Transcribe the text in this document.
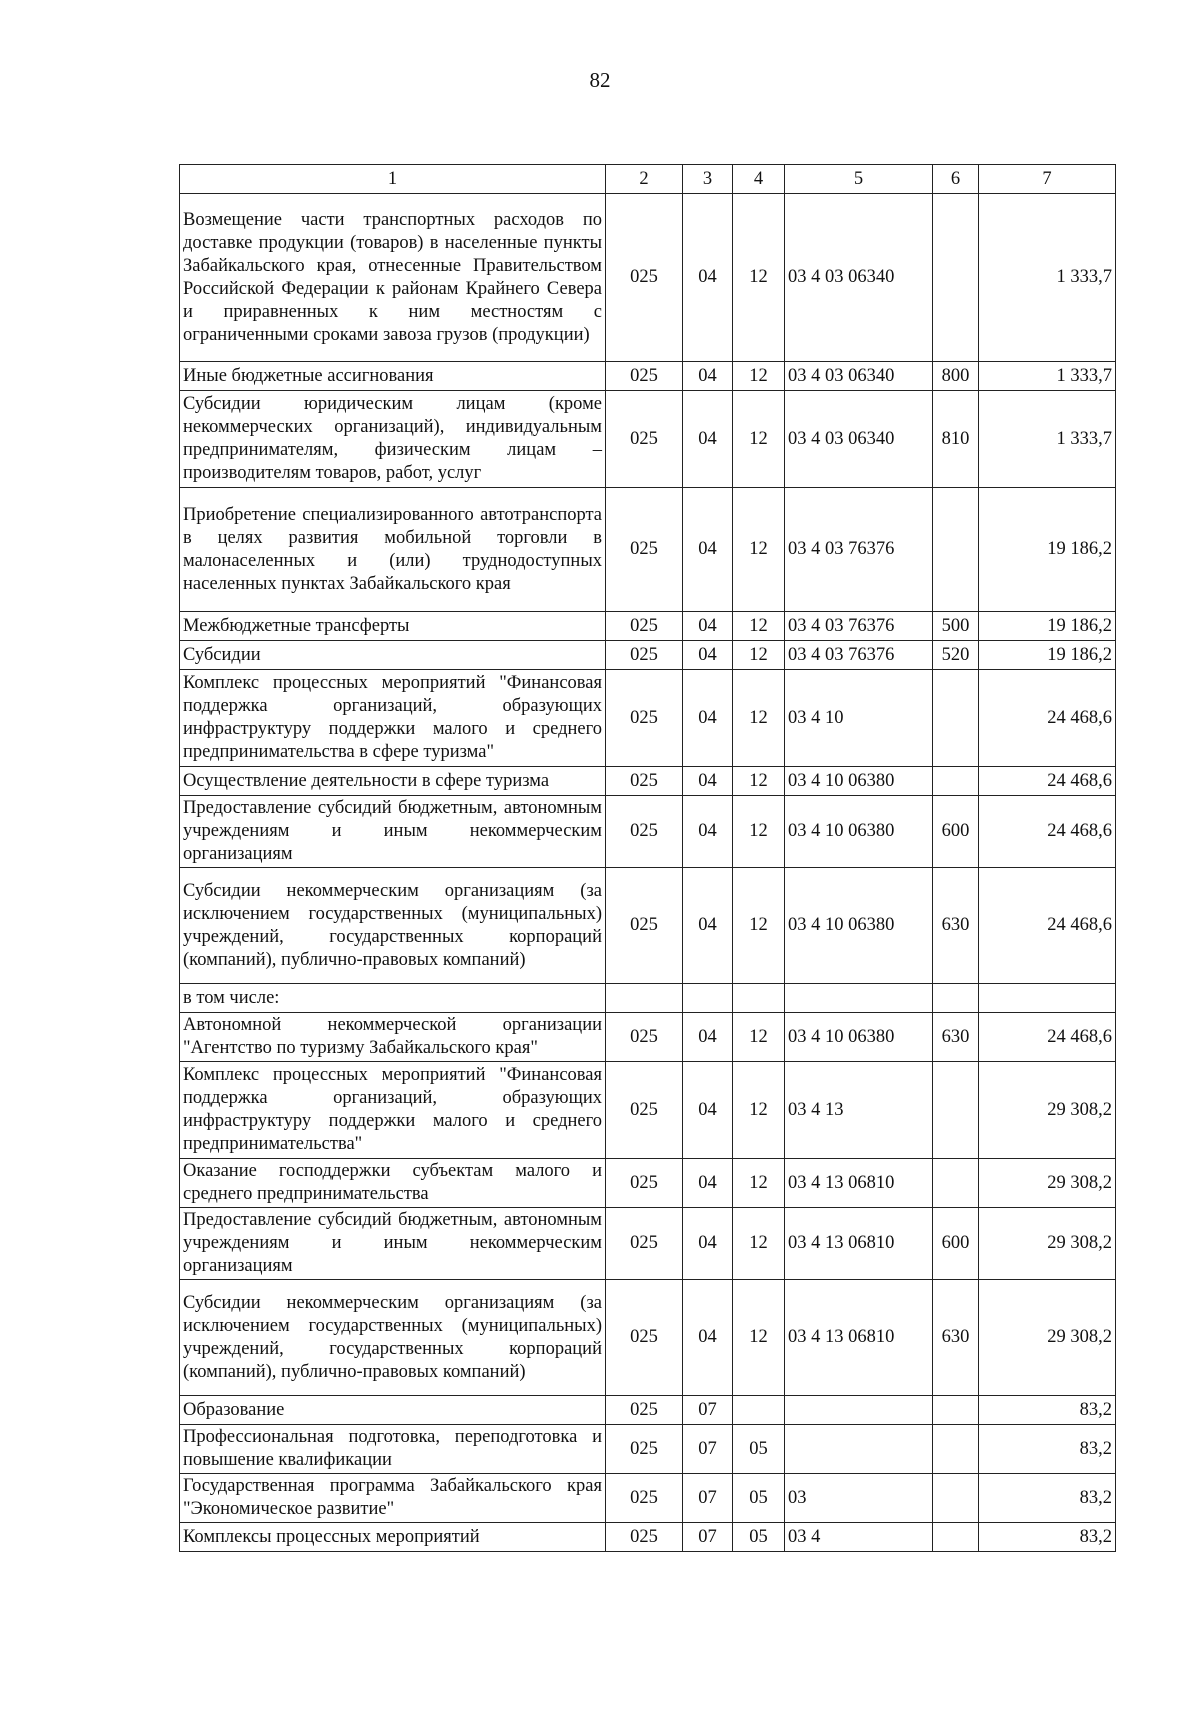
82
1	2	3	4	5	6	7
Возмещение части транспортных расходов по доставке продукции (товаров) в населенные пункты Забайкальского края, отнесенные Правительством Российской Федерации к районам Крайнего Севера и приравненных к ним местностям с ограниченными сроками завоза грузов (продукции)	025	04	12	03 4 03 06340		1 333,7
Иные бюджетные ассигнования	025	04	12	03 4 03 06340	800	1 333,7
Субсидии юридическим лицам (кроме некоммерческих организаций), индивидуальным предпринимателям, физическим лицам – производителям товаров, работ, услуг	025	04	12	03 4 03 06340	810	1 333,7
Приобретение специализированного автотранспорта в целях развития мобильной торговли в малонаселенных и (или) труднодоступных населенных пунктах Забайкальского края	025	04	12	03 4 03 76376		19 186,2
Межбюджетные трансферты	025	04	12	03 4 03 76376	500	19 186,2
Субсидии	025	04	12	03 4 03 76376	520	19 186,2
Комплекс процессных мероприятий "Финансовая поддержка организаций, образующих инфраструктуру поддержки малого и среднего предпринимательства в сфере туризма"	025	04	12	03 4 10		24 468,6
Осуществление деятельности в сфере туризма	025	04	12	03 4 10 06380		24 468,6
Предоставление субсидий бюджетным, автономным учреждениям и иным некоммерческим организациям	025	04	12	03 4 10 06380	600	24 468,6
Субсидии некоммерческим организациям (за исключением государственных (муниципальных) учреждений, государственных корпораций (компаний), публично-правовых компаний)	025	04	12	03 4 10 06380	630	24 468,6
в том числе:						
Автономной некоммерческой организации "Агентство по туризму Забайкальского края"	025	04	12	03 4 10 06380	630	24 468,6
Комплекс процессных мероприятий "Финансовая поддержка организаций, образующих инфраструктуру поддержки малого и среднего предпринимательства"	025	04	12	03 4 13		29 308,2
Оказание господдержки субъектам малого и среднего предпринимательства	025	04	12	03 4 13 06810		29 308,2
Предоставление субсидий бюджетным, автономным учреждениям и иным некоммерческим организациям	025	04	12	03 4 13 06810	600	29 308,2
Субсидии некоммерческим организациям (за исключением государственных (муниципальных) учреждений, государственных корпораций (компаний), публично-правовых компаний)	025	04	12	03 4 13 06810	630	29 308,2
Образование	025	07				83,2
Профессиональная подготовка, переподготовка и повышение квалификации	025	07	05			83,2
Государственная программа Забайкальского края "Экономическое развитие"	025	07	05	03		83,2
Комплексы процессных мероприятий	025	07	05	03 4		83,2
